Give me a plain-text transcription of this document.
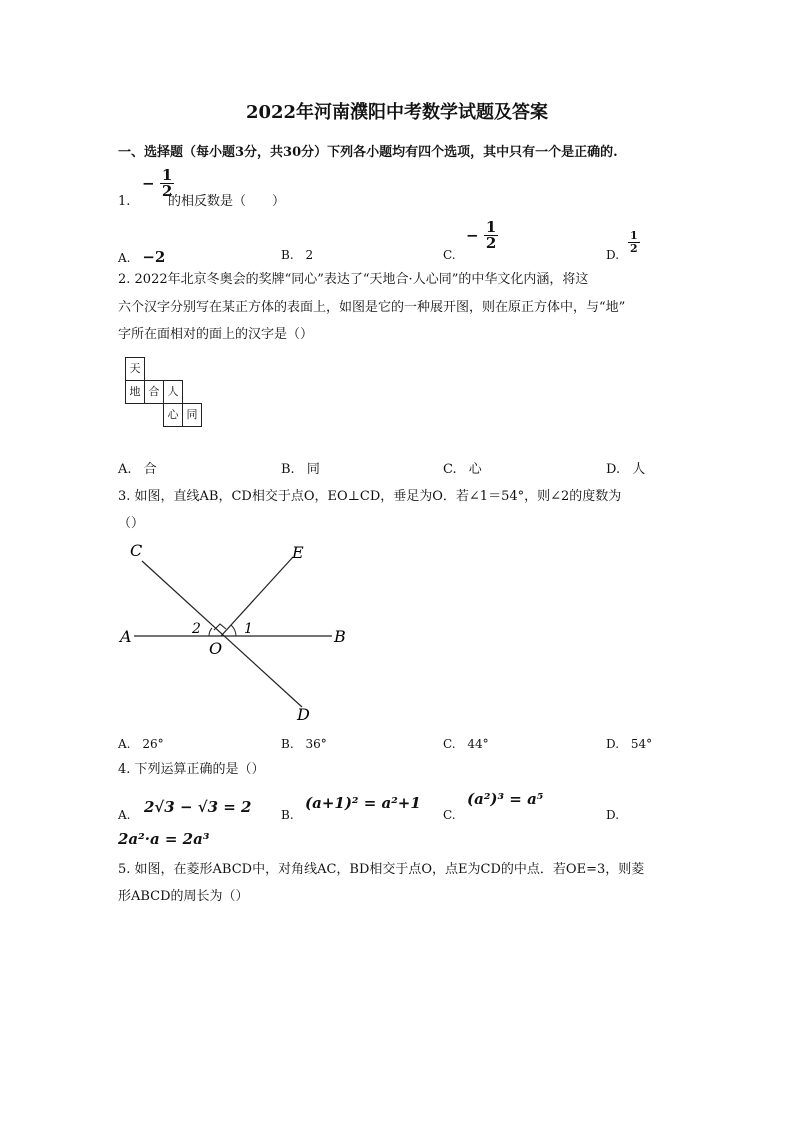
2022年河南濮阳中考数学试题及答案
一、选择题（每小题3分，共30分）下列各小题均有四个选项，其中只有一个是正确的.
1.
− $\frac{1}{2}$
的相反数是（　　）
A. −2	B. 2	C.
− $\frac{1}{2}$
D. $\frac{1}{2}$
2. 2022年北京冬奥会的奖牌“同心”表达了“天地合·人心同”的中华文化内涵，将这
六个汉字分别写在某正方体的表面上，如图是它的一种展开图，则在原正方体中，与“地”
字所在面相对的面上的汉字是（）
天
地 合 人
心 同
A. 合	B. 同	C. 心	D. 人
3. 如图，直线AB，CD相交于点O，EO⊥CD，垂足为O．若∠1＝54°，则∠2的度数为
（）
C	E
A	B
O
D
1
2
A. 26°	B. 36°	C. 44°	D. 54°
4. 下列运算正确的是（）
A. 2√3 − √3 = 2 B.
(a+1)² = a²+1
C.
(a²)³ = a⁵
D.
2a²·a = 2a³
5. 如图，在菱形ABCD中，对角线AC，BD相交于点O，点E为CD的中点．若OE=3，则菱
形ABCD的周长为（）
